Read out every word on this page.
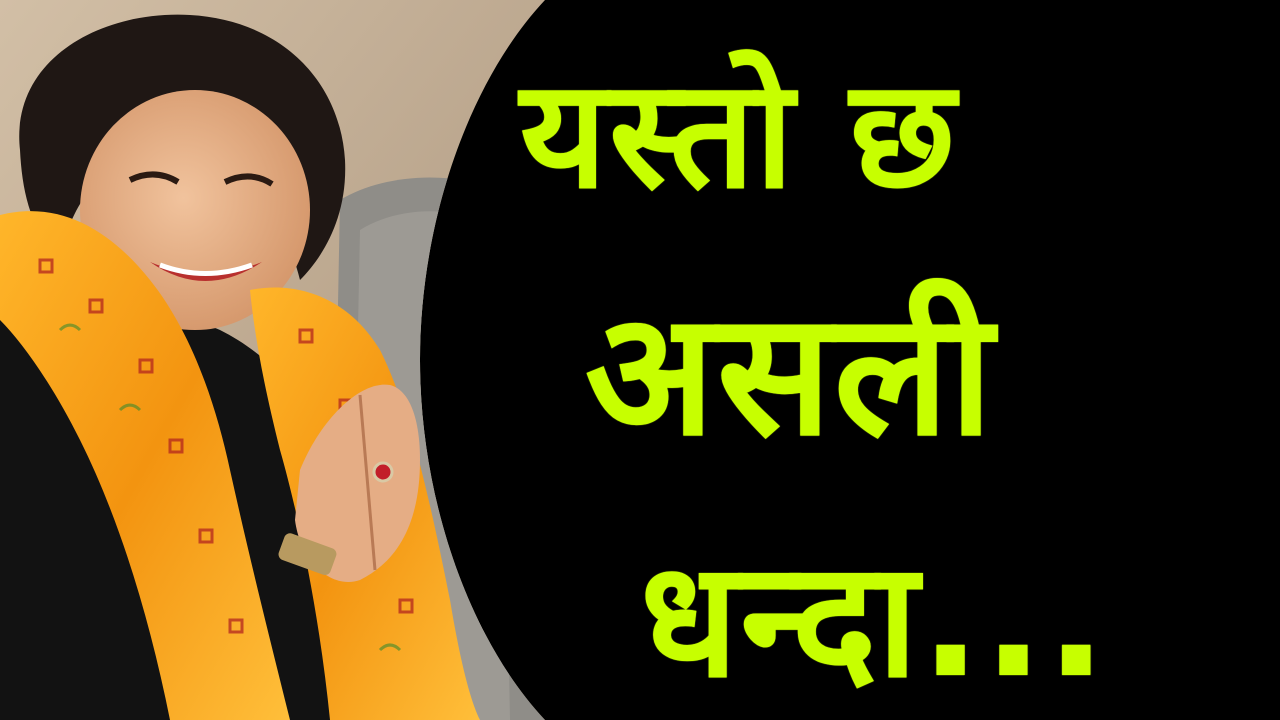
यस्तो छ
असली
धन्दा...
